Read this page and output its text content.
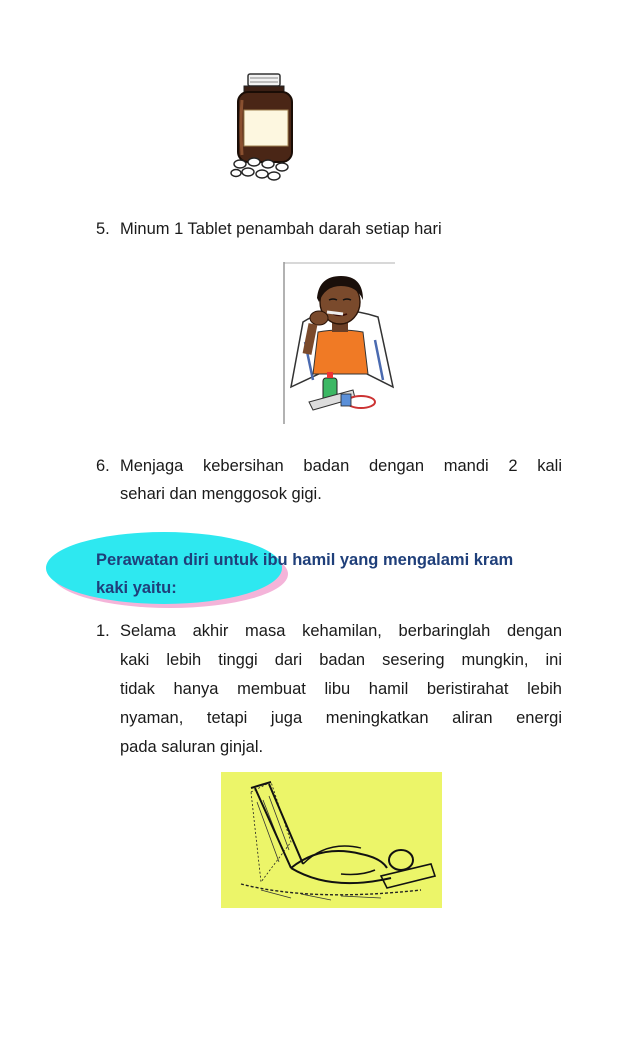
5. Minum 1 Tablet penambah darah setiap hari
6. Menjaga kebersihan badan dengan mandi 2 kali
sehari dan menggosok gigi.
Perawatan diri untuk ibu hamil yang mengalami kram
kaki yaitu:
1. Selama akhir masa kehamilan, berbaringlah dengan
kaki lebih tinggi dari badan sesering mungkin, ini
tidak hanya membuat libu hamil beristirahat lebih
nyaman, tetapi juga meningkatkan aliran energi
pada saluran ginjal.
